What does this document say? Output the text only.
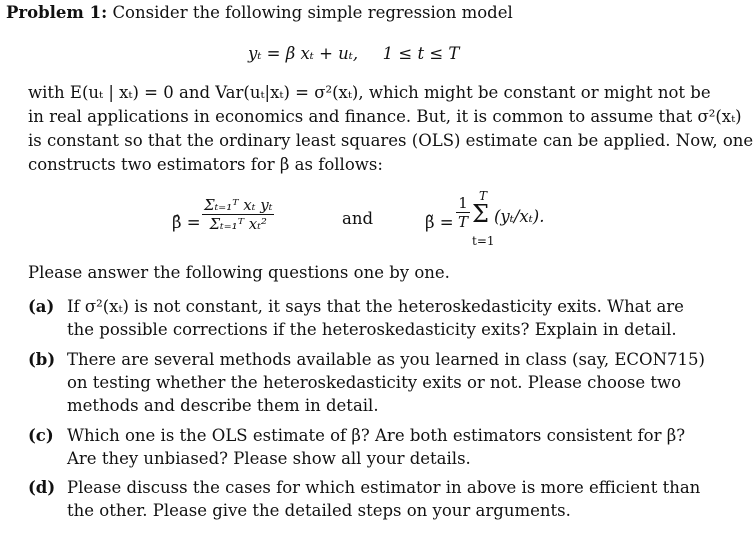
Problem 1: Consider the following simple regression model
yₜ = β xₜ + uₜ, 1 ≤ t ≤ T
with E(uₜ | xₜ) = 0 and Var(uₜ|xₜ) = σ²(xₜ), which might be constant or might not be
in real applications in economics and finance. But, it is common to assume that σ²(xₜ)
is constant so that the ordinary least squares (OLS) estimate can be applied. Now, one
constructs two estimators for β as follows:
β̂ = $\frac{\text{Σₜ₌₁ᵀ xₜ yₜ}}{\text{Σₜ₌₁ᵀ xₜ²}}$	and	β̃ = $\frac{1}{T}$ T
Σ
t=1
(yₜ/xₜ).
Please answer the following questions one by one.
(a) If σ²(xₜ) is not constant, it says that the heteroskedasticity exits. What are
the possible corrections if the heteroskedasticity exits? Explain in detail.
(b) There are several methods available as you learned in class (say, ECON715)
on testing whether the heteroskedasticity exits or not. Please choose two
methods and describe them in detail.
(c) Which one is the OLS estimate of β? Are both estimators consistent for β?
Are they unbiased? Please show all your details.
(d) Please discuss the cases for which estimator in above is more efficient than
the other. Please give the detailed steps on your arguments.
